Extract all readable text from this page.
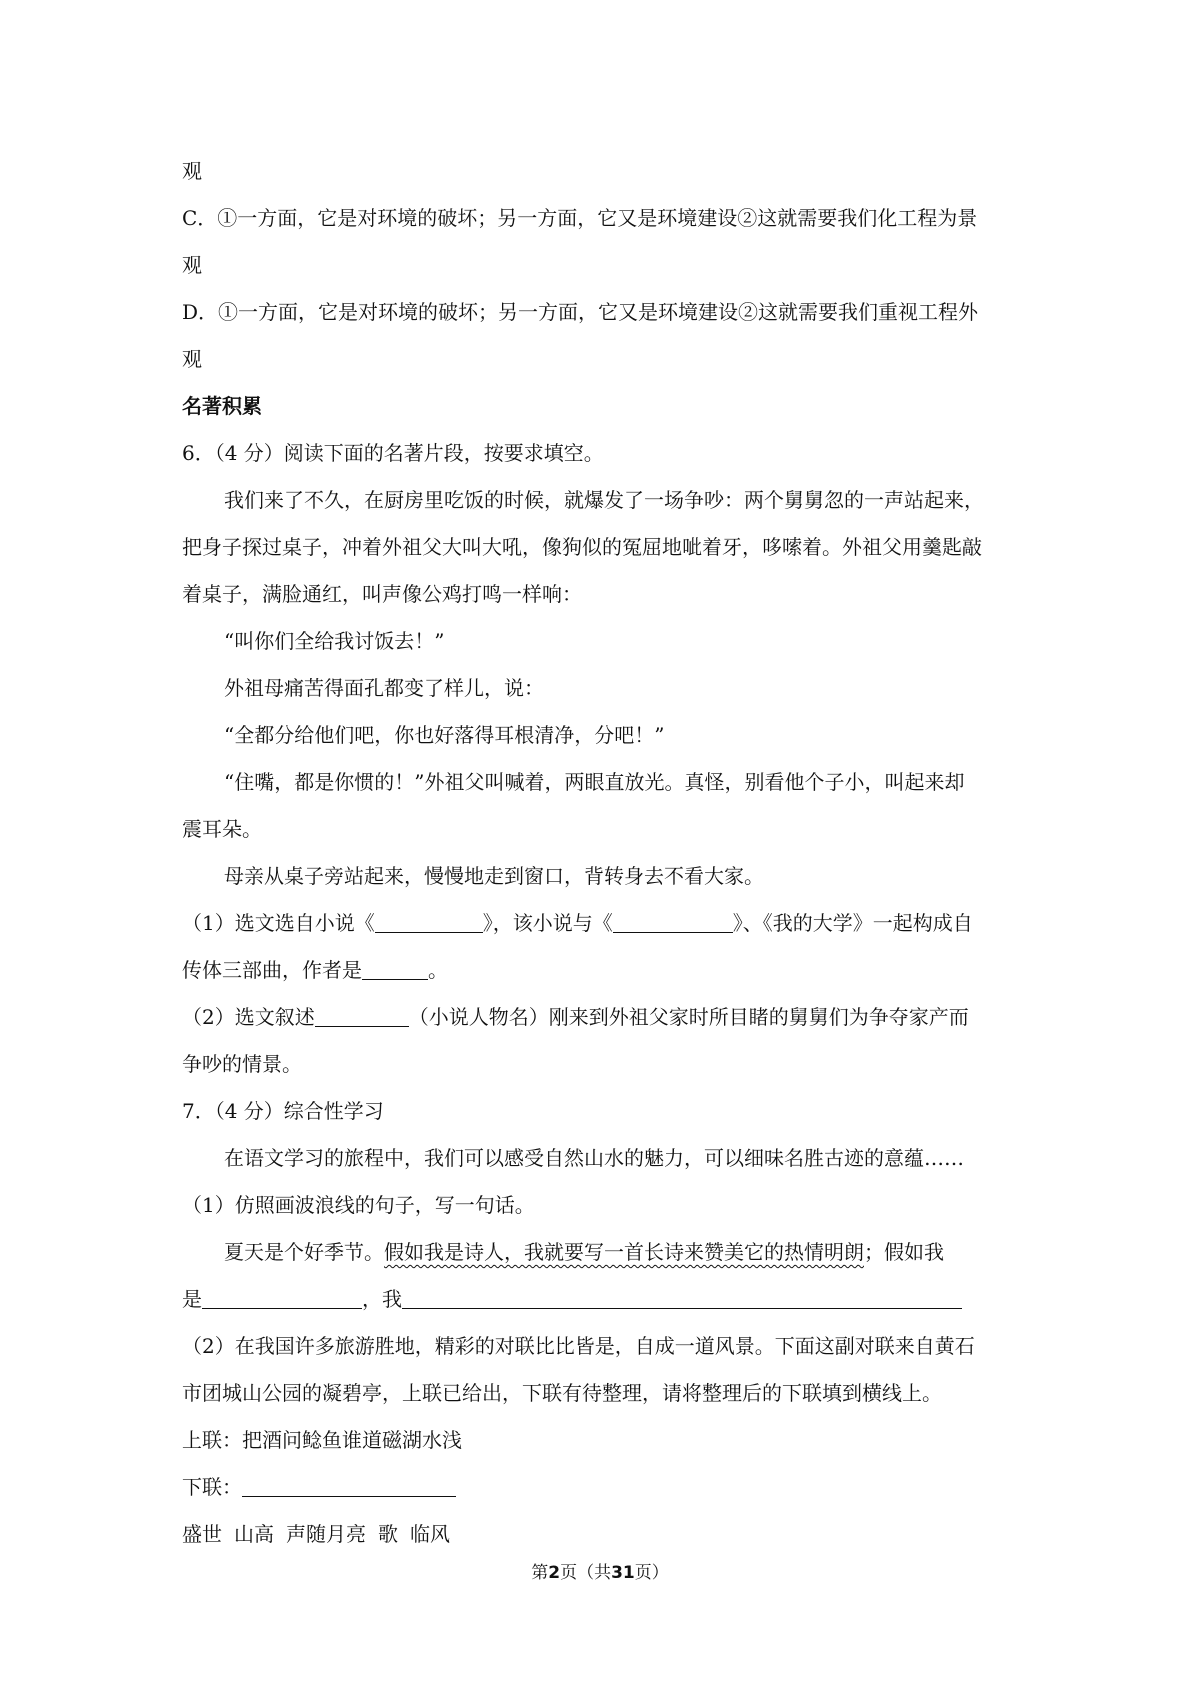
观
C．①一方面，它是对环境的破坏；另一方面，它又是环境建设②这就需要我们化工程为景
观
D．①一方面，它是对环境的破坏；另一方面，它又是环境建设②这就需要我们重视工程外
观
名著积累
6．（4 分）阅读下面的名著片段，按要求填空。
我们来了不久，在厨房里吃饭的时候，就爆发了一场争吵：两个舅舅忽的一声站起来，
把身子探过桌子，冲着外祖父大叫大吼，像狗似的冤屈地呲着牙，哆嗦着。外祖父用羹匙敲
着桌子，满脸通红，叫声像公鸡打鸣一样响：
“叫你们全给我讨饭去！”
外祖母痛苦得面孔都变了样儿，说：
“全都分给他们吧，你也好落得耳根清净，分吧！”
“住嘴，都是你惯的！”外祖父叫喊着，两眼直放光。真怪，别看他个子小，叫起来却
震耳朵。
母亲从桌子旁站起来，慢慢地走到窗口，背转身去不看大家。
（1）选文选自小说《	》，该小说与《	》、《我的大学》一起构成自
传体三部曲，作者是	。
（2）选文叙述	（小说人物名）刚来到外祖父家时所目睹的舅舅们为争夺家产而
争吵的情景。
7．（4 分）综合性学习
在语文学习的旅程中，我们可以感受自然山水的魅力，可以细味名胜古迹的意蕴……
（1）仿照画波浪线的句子，写一句话。
夏天是个好季节。假如我是诗人，我就要写一首长诗来赞美它的热情明朗；假如我
是	，我
（2）在我国许多旅游胜地，精彩的对联比比皆是，自成一道风景。下面这副对联来自黄石
市团城山公园的凝碧亭，上联已给出，下联有待整理，请将整理后的下联填到横线上。
上联：把酒问鲶鱼谁道磁湖水浅
下联：
盛世 山高 声随月亮 歌 临风
第2页（共31页）
